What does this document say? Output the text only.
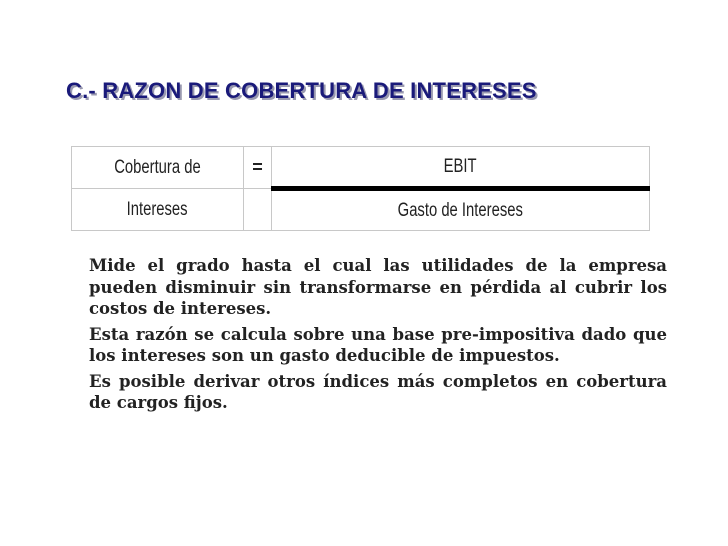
C.- RAZON DE COBERTURA DE INTERESES
Cobertura de	=	EBIT
Intereses		Gasto de Intereses

Mide el grado hasta el cual las utilidades de la empresa pueden disminuir sin transformarse en pérdida al cubrir los costos de intereses.

Esta razón se calcula sobre una base pre-impositiva dado que los intereses son un gasto deducible de impuestos.

Es posible derivar otros índices más completos en cobertura de cargos fijos.
